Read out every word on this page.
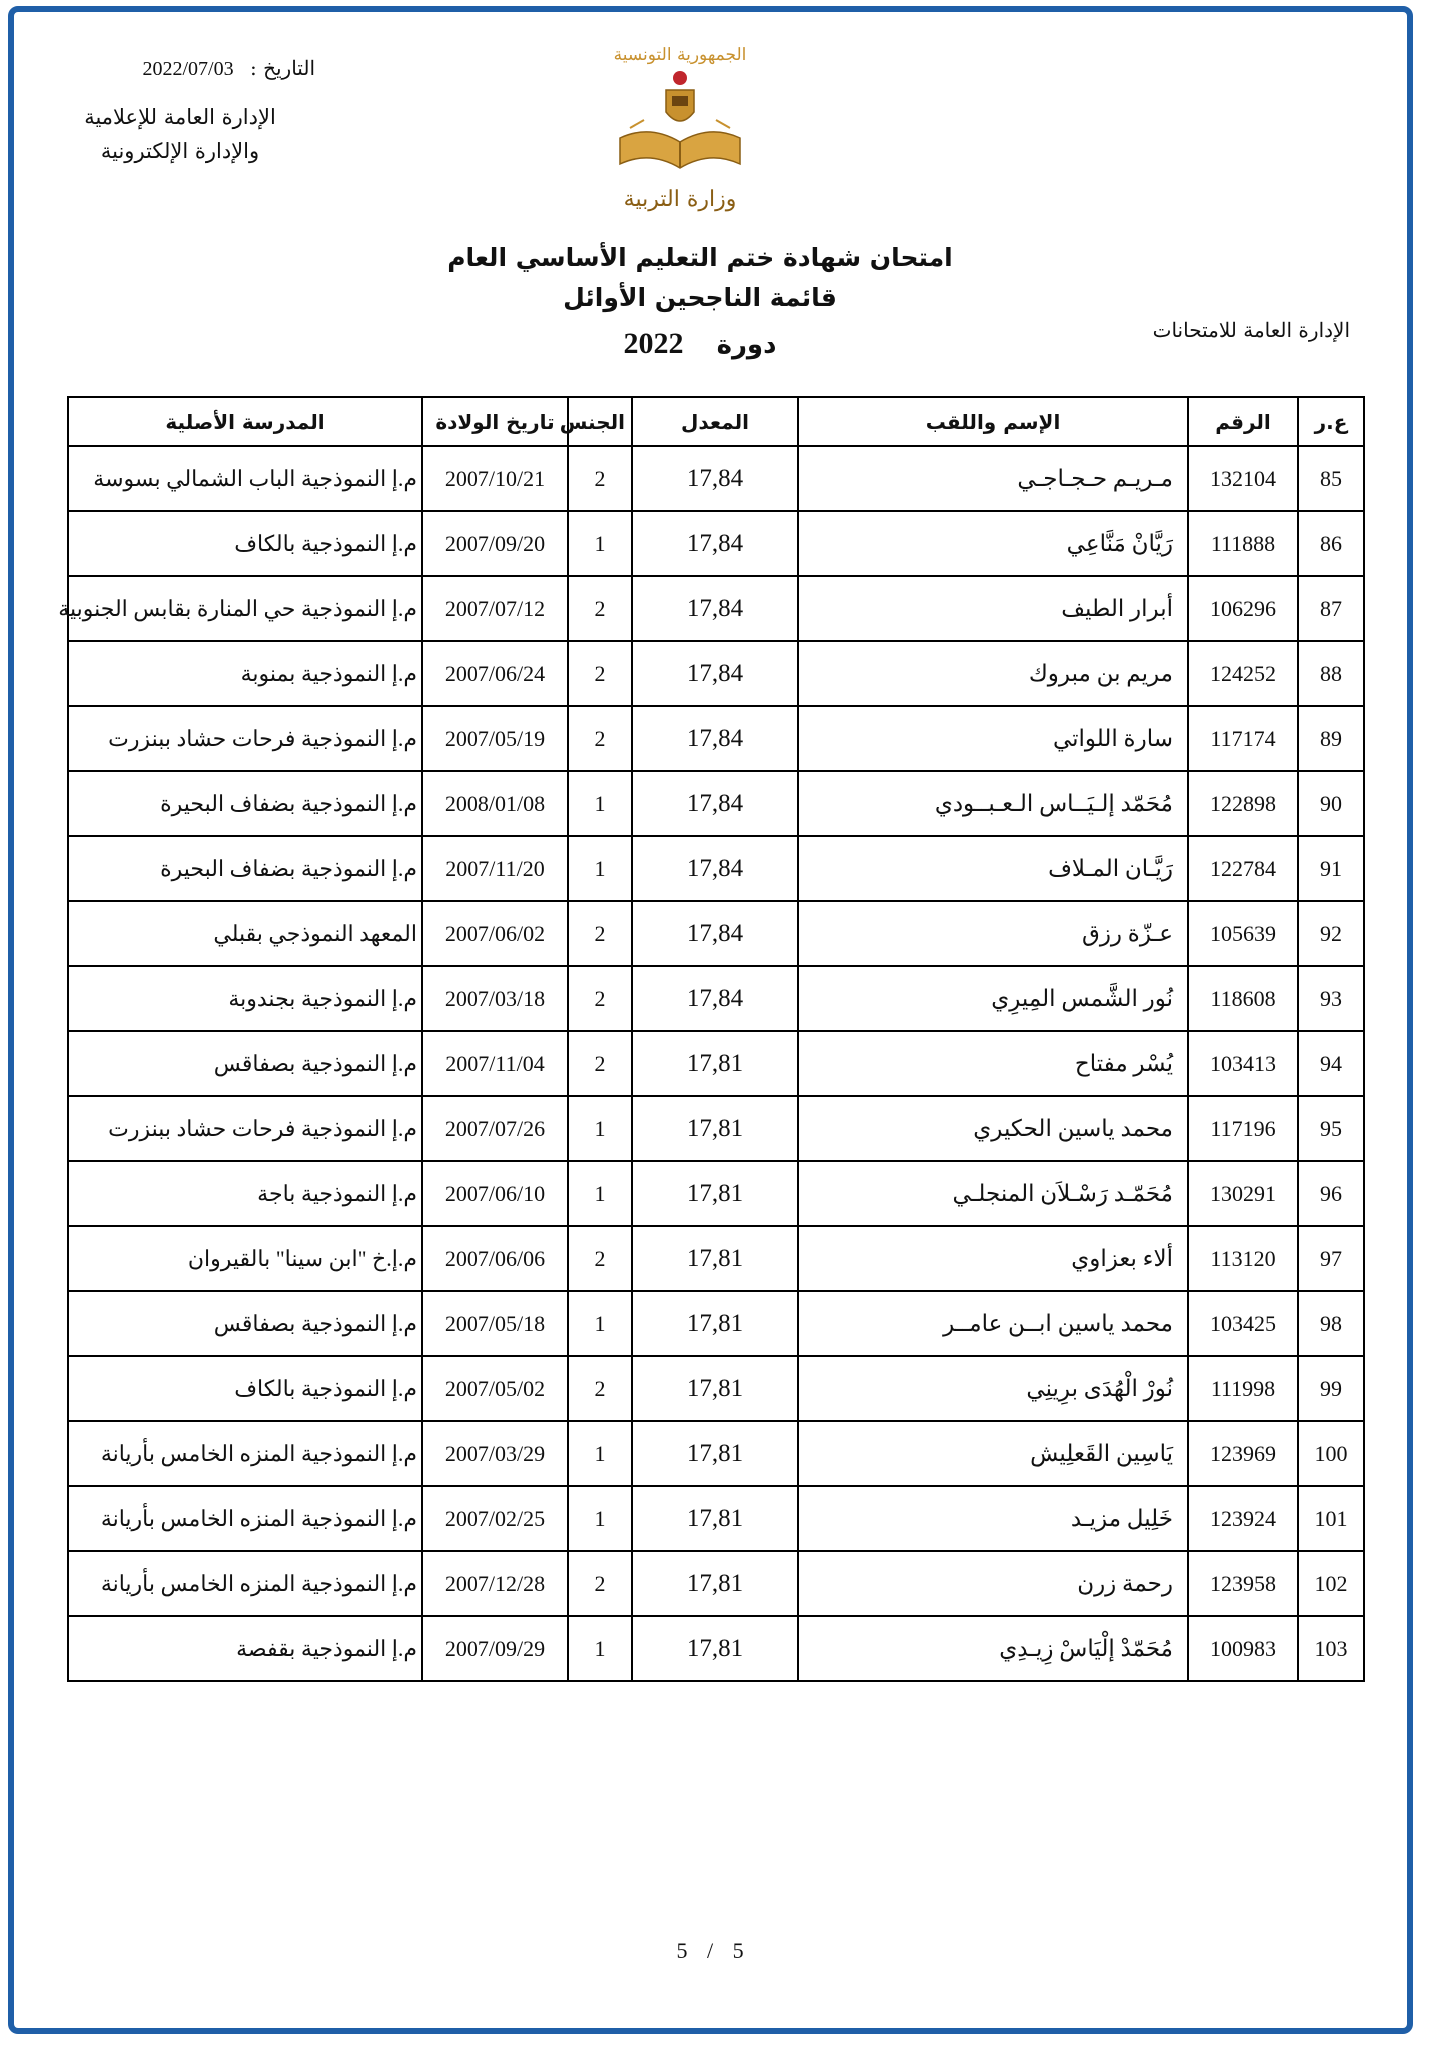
التاريخ : 2022/07/03
الإدارة العامة للإعلامية
والإدارة الإلكترونية
الجمهورية التونسية
وزارة التربية
امتحان شهادة ختم التعليم الأساسي العام
قائمة الناجحين الأوائل
دورة 2022	الإدارة العامة للامتحانات
ع.ر	الرقم	الإسم واللقب	المعدل	الجنس	تاريخ الولادة	المدرسة الأصلية
85	132104	مـريـم حـجـاجـي	17,84	2	2007/10/21	م.إ النموذجية الباب الشمالي بسوسة
86	111888	رَيَّانْ مَنَّاعِي	17,84	1	2007/09/20	م.إ النموذجية بالكاف
87	106296	أبرار الطيف	17,84	2	2007/07/12	م.إ النموذجية حي المنارة بقابس الجنوبية
88	124252	مريم بن مبروك	17,84	2	2007/06/24	م.إ النموذجية بمنوبة
89	117174	سارة اللواتي	17,84	2	2007/05/19	م.إ النموذجية فرحات حشاد ببنزرت
90	122898	مُحَمّد إلـيَــاس الـعـبــودي	17,84	1	2008/01/08	م.إ النموذجية بضفاف البحيرة
91	122784	رَيَّـان المـلاف	17,84	1	2007/11/20	م.إ النموذجية بضفاف البحيرة
92	105639	عـزّة رزق	17,84	2	2007/06/02	المعهد النموذجي بقبلي
93	118608	نُور الشَّمس المِيرِي	17,84	2	2007/03/18	م.إ النموذجية بجندوبة
94	103413	يُسْر مفتاح	17,81	2	2007/11/04	م.إ النموذجية بصفاقس
95	117196	محمد ياسين الحكيري	17,81	1	2007/07/26	م.إ النموذجية فرحات حشاد ببنزرت
96	130291	مُحَمّـد رَسْـلاَن المنجلـي	17,81	1	2007/06/10	م.إ النموذجية باجة
97	113120	ألاء بعزاوي	17,81	2	2007/06/06	م.إ.خ "ابن سينا" بالقيروان
98	103425	محمد ياسين ابــن عامــر	17,81	1	2007/05/18	م.إ النموذجية بصفاقس
99	111998	نُورْ الْهُدَى برِينِي	17,81	2	2007/05/02	م.إ النموذجية بالكاف
100	123969	يَاسِين القَعلِيش	17,81	1	2007/03/29	م.إ النموذجية المنزه الخامس بأريانة
101	123924	خَلِيل مزيـد	17,81	1	2007/02/25	م.إ النموذجية المنزه الخامس بأريانة
102	123958	رحمة زرن	17,81	2	2007/12/28	م.إ النموذجية المنزه الخامس بأريانة
103	100983	مُحَمّدْ إلْيَاسْ زِيـدِي	17,81	1	2007/09/29	م.إ النموذجية بقفصة
5 / 5
